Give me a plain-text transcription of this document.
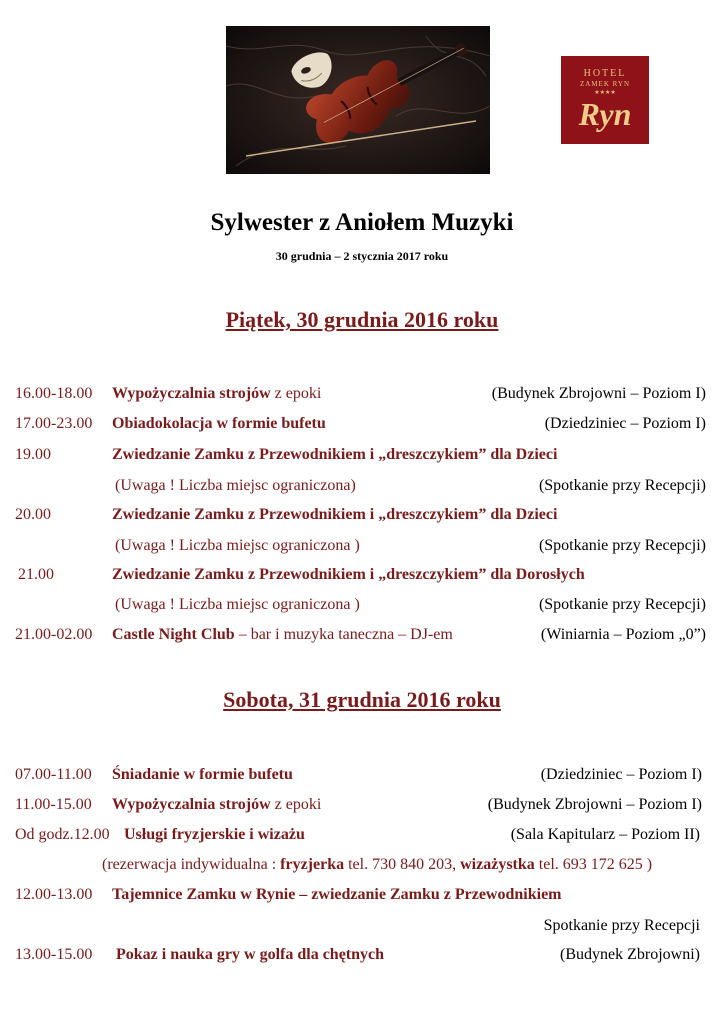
HOTEL
ZAMEK RYN
★★★★
Ryn
Sylwester z Aniołem Muzyki
30 grudnia – 2 stycznia 2017 roku
Piątek, 30 grudnia 2016 roku
16.00-18.00 Wypożyczalnia strojów z epoki	(Budynek Zbrojowni – Poziom I)
17.00-23.00 Obiadokolacja w formie bufetu	(Dziedziniec – Poziom I)
19.00	Zwiedzanie Zamku z Przewodnikiem i „dreszczykiem” dla Dzieci
(Uwaga ! Liczba miejsc ograniczona)	(Spotkanie przy Recepcji)
20.00	Zwiedzanie Zamku z Przewodnikiem i „dreszczykiem” dla Dzieci
(Uwaga ! Liczba miejsc ograniczona )	(Spotkanie przy Recepcji)
21.00	Zwiedzanie Zamku z Przewodnikiem i „dreszczykiem” dla Dorosłych
(Uwaga ! Liczba miejsc ograniczona )	(Spotkanie przy Recepcji)
21.00-02.00 Castle Night Club – bar i muzyka taneczna – DJ-em	(Winiarnia – Poziom „0”)
Sobota, 31 grudnia 2016 roku
07.00-11.00 Śniadanie w formie bufetu	(Dziedziniec – Poziom I)
11.00-15.00 Wypożyczalnia strojów z epoki	(Budynek Zbrojowni – Poziom I)
Od godz.12.00 Usługi fryzjerskie i wizażu	(Sala Kapitularz – Poziom II)
(rezerwacja indywidualna : fryzjerka tel. 730 840 203, wizażystka tel. 693 172 625 )
12.00-13.00 Tajemnice Zamku w Rynie – zwiedzanie Zamku z Przewodnikiem
Spotkanie przy Recepcji
13.00-15.00 Pokaz i nauka gry w golfa dla chętnych	(Budynek Zbrojowni)
